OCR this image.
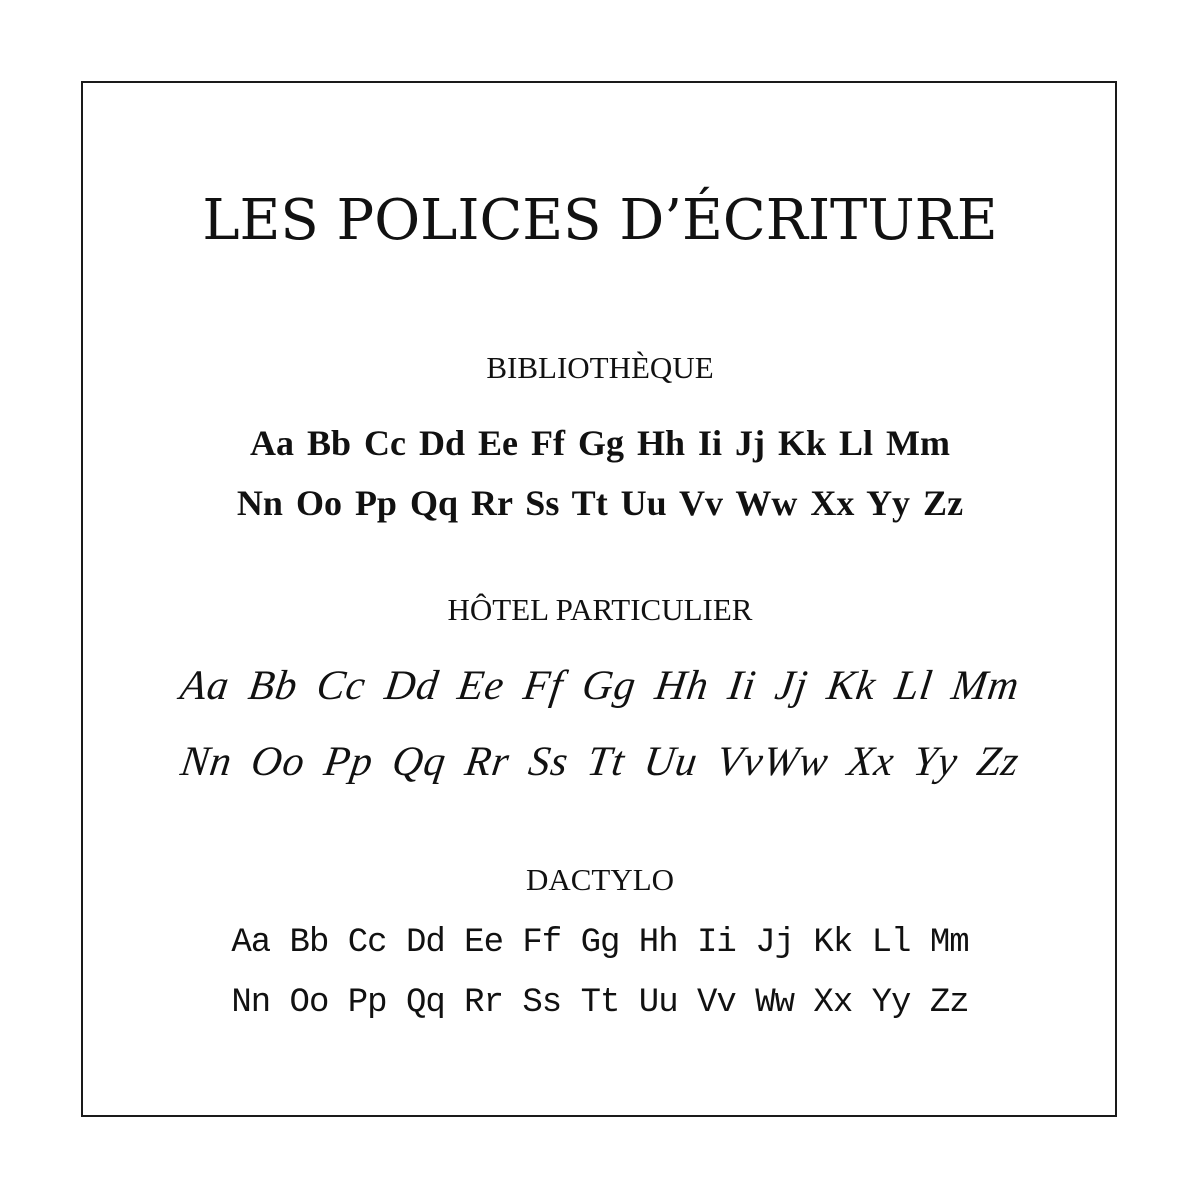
LES POLICES D’ÉCRITURE
BIBLIOTHÈQUE
Aa Bb Cc Dd Ee Ff Gg Hh Ii Jj Kk Ll Mm
Nn Oo Pp Qq Rr Ss Tt Uu Vv Ww Xx Yy Zz
HÔTEL PARTICULIER
Aa Bb Cc Dd Ee Ff Gg Hh Ii Jj Kk Ll Mm
Nn Oo Pp Qq Rr Ss Tt Uu VvWw Xx Yy Zz
DACTYLO
Aa Bb Cc Dd Ee Ff Gg Hh Ii Jj Kk Ll Mm
Nn Oo Pp Qq Rr Ss Tt Uu Vv Ww Xx Yy Zz
